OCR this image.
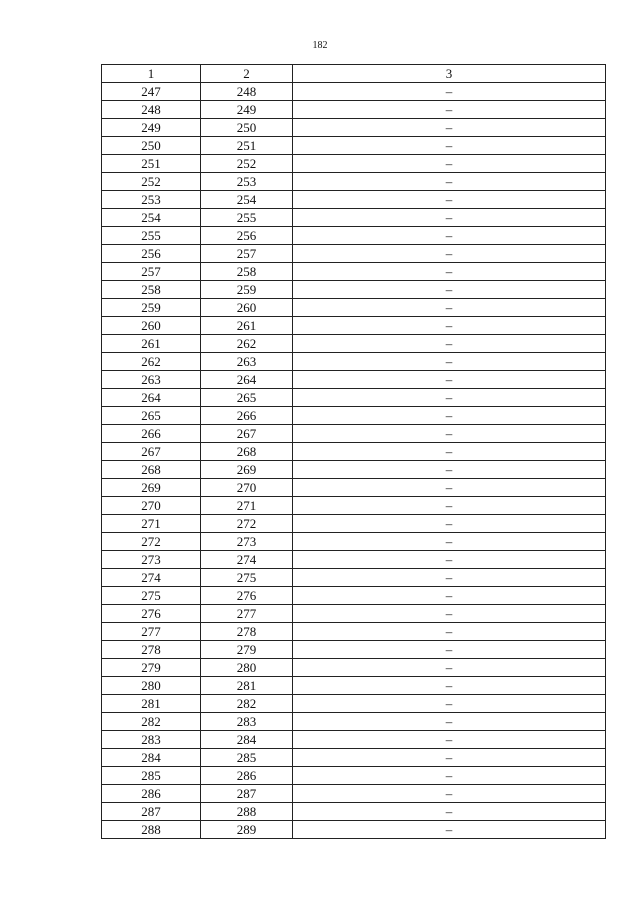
182
1	2	3
247	248	–
248	249	–
249	250	–
250	251	–
251	252	–
252	253	–
253	254	–
254	255	–
255	256	–
256	257	–
257	258	–
258	259	–
259	260	–
260	261	–
261	262	–
262	263	–
263	264	–
264	265	–
265	266	–
266	267	–
267	268	–
268	269	–
269	270	–
270	271	–
271	272	–
272	273	–
273	274	–
274	275	–
275	276	–
276	277	–
277	278	–
278	279	–
279	280	–
280	281	–
281	282	–
282	283	–
283	284	–
284	285	–
285	286	–
286	287	–
287	288	–
288	289	–
